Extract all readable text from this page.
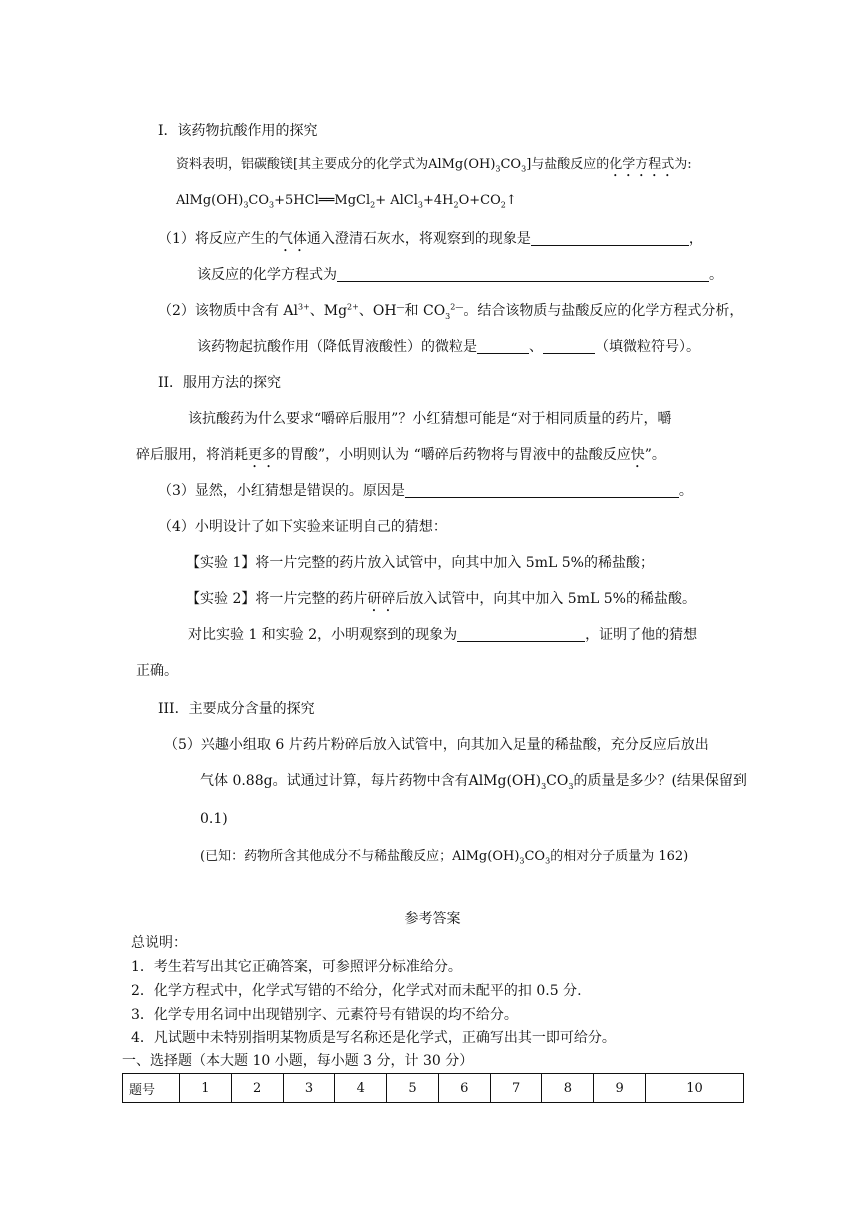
I．该药物抗酸作用的探究
资料表明，铝碳酸镁[其主要成分的化学式为$AlMg(OH)_3CO_3$]与盐酸反应的化学方程式为:
$AlMg(OH)_3CO_3+5HCl══MgCl_2+$ $AlCl_3+4H_2O+CO_2↑$
（1）将反应产生的气体通入澄清石灰水，将观察到的现象是	，
该反应的化学方程式为	。
（2）该物质中含有 $Al^{3+}$、$Mg^{2+}$、OH—和 $CO_3^{2—}$。结合该物质与盐酸反应的化学方程式分析，
该药物起抗酸作用（降低胃液酸性）的微粒是	、	（填微粒符号）。
II．服用方法的探究
该抗酸药为什么要求“嚼碎后服用”？小红猜想可能是“对于相同质量的药片，嚼
碎后服用，将消耗更多的胃酸”，小明则认为 “嚼碎后药物将与胃液中的盐酸反应快”。
（3）显然，小红猜想是错误的。原因是	。
（4）小明设计了如下实验来证明自己的猜想：
【实验 1】将一片完整的药片放入试管中，向其中加入 5mL 5%的稀盐酸；
【实验 2】将一片完整的药片研碎后放入试管中，向其中加入 5mL 5%的稀盐酸。
对比实验 1 和实验 2，小明观察到的现象为	，证明了他的猜想
正确。
III．主要成分含量的探究
（5）兴趣小组取 6 片药片粉碎后放入试管中，向其加入足量的稀盐酸，充分反应后放出
气体 0.88g。试通过计算，每片药物中含有$AlMg(OH)_3CO_3$的质量是多少？(结果保留到
0.1)
(已知：药物所含其他成分不与稀盐酸反应；$AlMg(OH)_3CO_3$的相对分子质量为 162)
参考答案
总说明：
1．考生若写出其它正确答案，可参照评分标准给分。
2．化学方程式中，化学式写错的不给分，化学式对而未配平的扣 0.5 分.
3．化学专用名词中出现错别字、元素符号有错误的均不给分。
4．凡试题中未特别指明某物质是写名称还是化学式，正确写出其一即可给分。
一、选择题（本大题 10 小题，每小题 3 分，计 30 分）
题号	1	2	3	4	5	6	7	8	9	10
